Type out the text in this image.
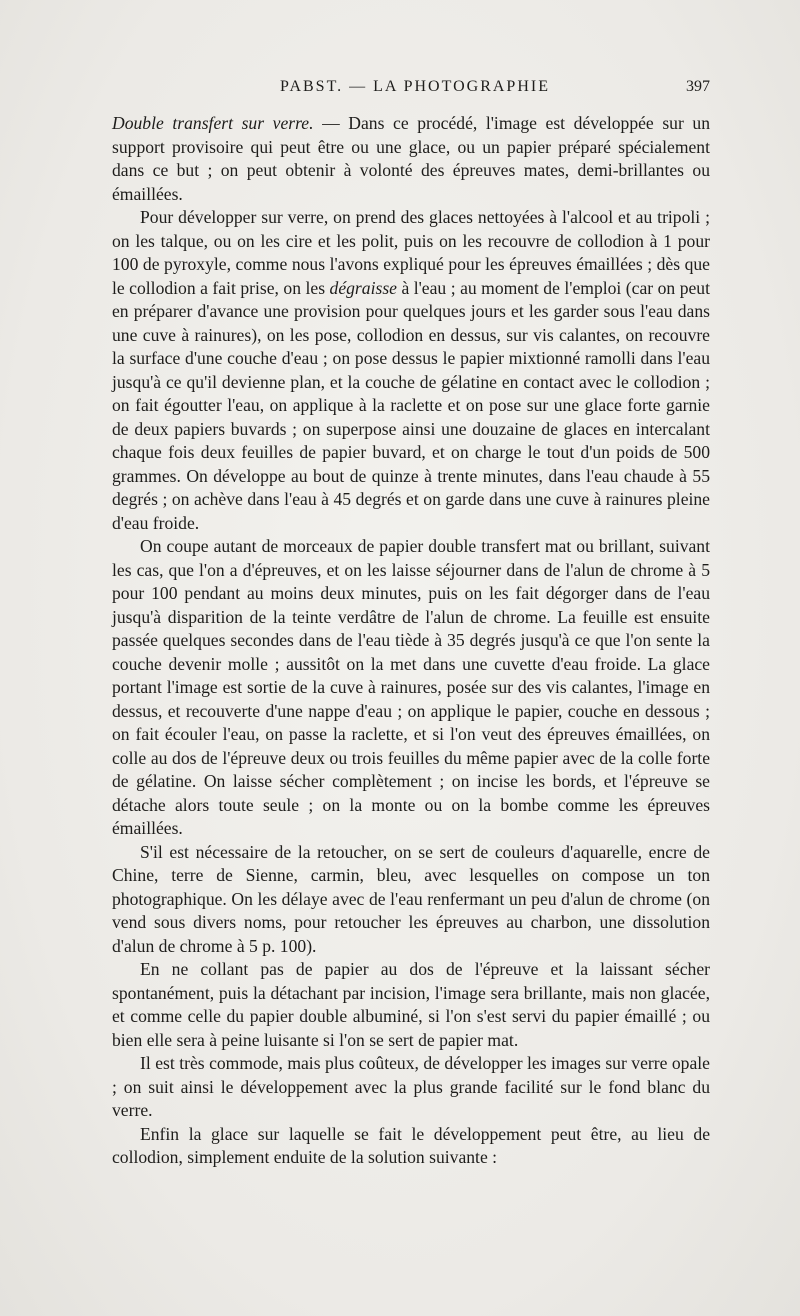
PABST. — LA PHOTOGRAPHIE	397

Double transfert sur verre. — Dans ce procédé, l'image est développée sur un support provisoire qui peut être ou une glace, ou un papier préparé spécialement dans ce but ; on peut obtenir à volonté des épreuves mates, demi-brillantes ou émaillées.

Pour développer sur verre, on prend des glaces nettoyées à l'alcool et au tripoli ; on les talque, ou on les cire et les polit, puis on les recouvre de collodion à 1 pour 100 de pyroxyle, comme nous l'avons expliqué pour les épreuves émaillées ; dès que le collodion a fait prise, on les dégraisse à l'eau ; au moment de l'emploi (car on peut en préparer d'avance une provision pour quelques jours et les garder sous l'eau dans une cuve à rainures), on les pose, collodion en dessus, sur vis calantes, on recouvre la surface d'une couche d'eau ; on pose dessus le papier mixtionné ramolli dans l'eau jusqu'à ce qu'il devienne plan, et la couche de gélatine en contact avec le collodion ; on fait égoutter l'eau, on applique à la raclette et on pose sur une glace forte garnie de deux papiers buvards ; on superpose ainsi une douzaine de glaces en intercalant chaque fois deux feuilles de papier buvard, et on charge le tout d'un poids de 500 grammes. On développe au bout de quinze à trente minutes, dans l'eau chaude à 55 degrés ; on achève dans l'eau à 45 degrés et on garde dans une cuve à rainures pleine d'eau froide.

On coupe autant de morceaux de papier double transfert mat ou brillant, suivant les cas, que l'on a d'épreuves, et on les laisse séjourner dans de l'alun de chrome à 5 pour 100 pendant au moins deux minutes, puis on les fait dégorger dans de l'eau jusqu'à disparition de la teinte verdâtre de l'alun de chrome. La feuille est ensuite passée quelques secondes dans de l'eau tiède à 35 degrés jusqu'à ce que l'on sente la couche devenir molle ; aussitôt on la met dans une cuvette d'eau froide. La glace portant l'image est sortie de la cuve à rainures, posée sur des vis calantes, l'image en dessus, et recouverte d'une nappe d'eau ; on applique le papier, couche en dessous ; on fait écouler l'eau, on passe la raclette, et si l'on veut des épreuves émaillées, on colle au dos de l'épreuve deux ou trois feuilles du même papier avec de la colle forte de gélatine. On laisse sécher complètement ; on incise les bords, et l'épreuve se détache alors toute seule ; on la monte ou on la bombe comme les épreuves émaillées.

S'il est nécessaire de la retoucher, on se sert de couleurs d'aquarelle, encre de Chine, terre de Sienne, carmin, bleu, avec lesquelles on compose un ton photographique. On les délaye avec de l'eau renfermant un peu d'alun de chrome (on vend sous divers noms, pour retoucher les épreuves au charbon, une dissolution d'alun de chrome à 5 p. 100).

En ne collant pas de papier au dos de l'épreuve et la laissant sécher spontanément, puis la détachant par incision, l'image sera brillante, mais non glacée, et comme celle du papier double albuminé, si l'on s'est servi du papier émaillé ; ou bien elle sera à peine luisante si l'on se sert de papier mat.

Il est très commode, mais plus coûteux, de développer les images sur verre opale ; on suit ainsi le développement avec la plus grande facilité sur le fond blanc du verre.

Enfin la glace sur laquelle se fait le développement peut être, au lieu de collodion, simplement enduite de la solution suivante :
